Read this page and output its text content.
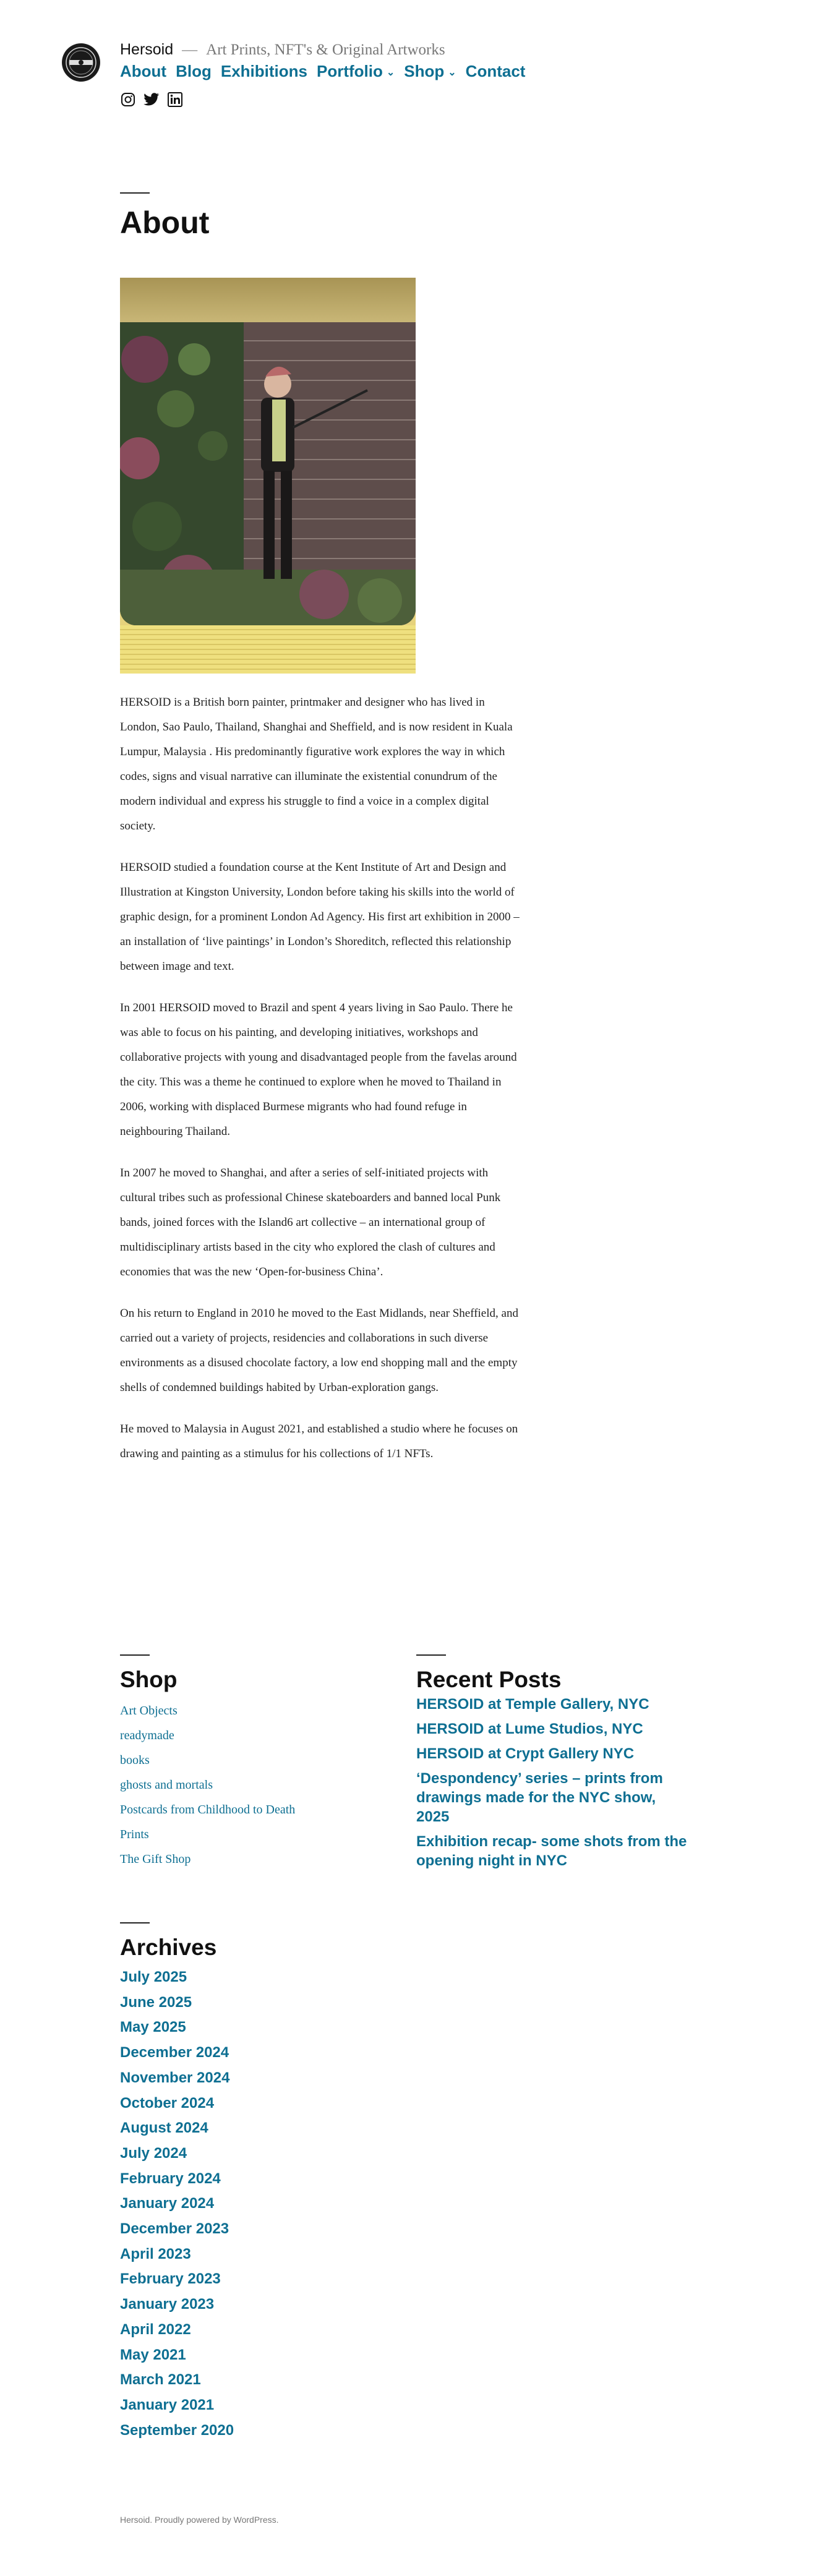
Hersoid — Art Prints, NFT's & Original Artworks
About Blog Exhibitions Portfolio ⌄ Shop ⌄ Contact
About

HERSOID is a British born painter, printmaker and designer who has lived in London, Sao Paulo, Thailand, Shanghai and Sheffield, and is now resident in Kuala Lumpur, Malaysia . His predominantly figurative work explores the way in which codes, signs and visual narrative can illuminate the existential conundrum of the modern individual and express his struggle to find a voice in a complex digital society.

HERSOID studied a foundation course at the Kent Institute of Art and Design and Illustration at Kingston University, London before taking his skills into the world of graphic design, for a prominent London Ad Agency. His first art exhibition in 2000 – an installation of ‘live paintings’ in London’s Shoreditch, reflected this relationship between image and text.

In 2001 HERSOID moved to Brazil and spent 4 years living in Sao Paulo. There he was able to focus on his painting, and developing initiatives, workshops and collaborative projects with young and disadvantaged people from the favelas around the city. This was a theme he continued to explore when he moved to Thailand in 2006, working with displaced Burmese migrants who had found refuge in neighbouring Thailand.

In 2007 he moved to Shanghai, and after a series of self-initiated projects with cultural tribes such as professional Chinese skateboarders and banned local Punk bands, joined forces with the Island6 art collective – an international group of multidisciplinary artists based in the city who explored the clash of cultures and economies that was the new ‘Open-for-business China’.

On his return to England in 2010 he moved to the East Midlands, near Sheffield, and carried out a variety of projects, residencies and collaborations in such diverse environments as a disused chocolate factory, a low end shopping mall and the empty shells of condemned buildings habited by Urban-exploration gangs.

He moved to Malaysia in August 2021, and established a studio where he focuses on drawing and painting as a stimulus for his collections of 1/1 NFTs.

Shop
Art Objects
readymade
books
ghosts and mortals
Postcards from Childhood to Death
Prints
The Gift Shop
Recent Posts
HERSOID at Temple Gallery, NYC
HERSOID at Lume Studios, NYC
HERSOID at Crypt Gallery NYC
‘Despondency’ series – prints from drawings made for the NYC show, 2025
Exhibition recap- some shots from the opening night in NYC
Archives
July 2025
June 2025
May 2025
December 2024
November 2024
October 2024
August 2024
July 2024
February 2024
January 2024
December 2023
April 2023
February 2023
January 2023
April 2022
May 2021
March 2021
January 2021
September 2020
Hersoid. Proudly powered by WordPress.
